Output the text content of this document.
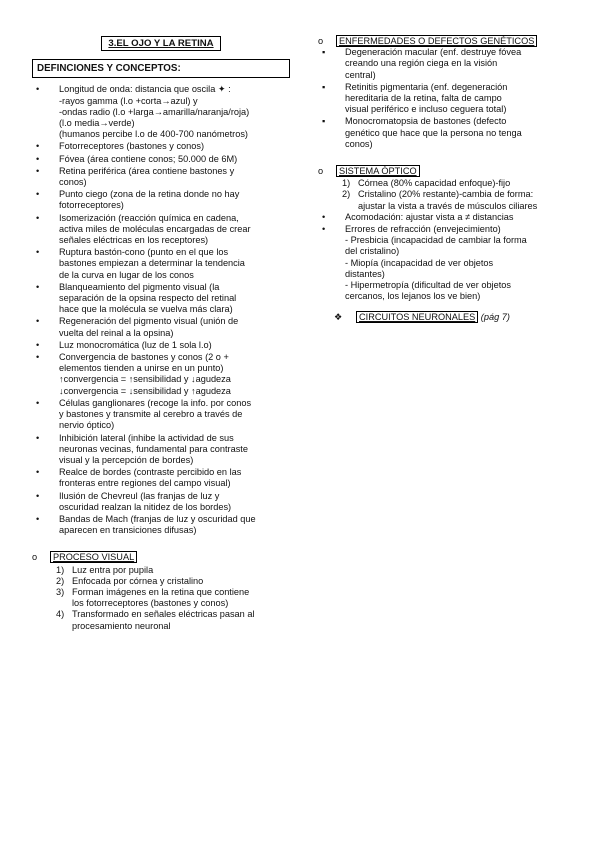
3.EL OJO Y LA RETINA
DEFINCIONES Y CONCEPTOS:
• Longitud de onda: distancia que oscila ✦ :
-rayos gamma (l.o +corta→azul) y
-ondas radio (l.o +larga→amarilla/naranja/roja)
(l.o media→verde)
(humanos percibe l.o de 400-700 nanómetros)
• Fotorreceptores (bastones y conos)
• Fóvea (área contiene conos; 50.000 de 6M)
• Retina periférica (área contiene bastones y
conos)
• Punto ciego (zona de la retina donde no hay
fotorreceptores)
• Isomerización (reacción química en cadena,
activa miles de moléculas encargadas de crear
señales eléctricas en los receptores)
• Ruptura bastón-cono (punto en el que los
bastones empiezan a determinar la tendencia
de la curva en lugar de los conos
• Blanqueamiento del pigmento visual (la
separación de la opsina respecto del retinal
hace que la molécula se vuelva más clara)
• Regeneración del pigmento visual (unión de
vuelta del reinal a la opsina)
• Luz monocromática (luz de 1 sola l.o)
• Convergencia de bastones y conos (2 o +
elementos tienden a unirse en un punto)
↑convergencia = ↑sensibilidad y ↓agudeza
↓convergencia = ↓sensibilidad y ↑agudeza
• Células ganglionares (recoge la info. por conos
y bastones y transmite al cerebro a través de
nervio óptico)
• Inhibición lateral (inhibe la actividad de sus
neuronas vecinas, fundamental para contraste
visual y la percepción de bordes)
• Realce de bordes (contraste percibido en las
fronteras entre regiones del campo visual)
• Ilusión de Chevreul (las franjas de luz y
oscuridad realzan la nitidez de los bordes)
• Bandas de Mach (franjas de luz y oscuridad que
aparecen en transiciones difusas)
o PROCESO VISUAL
1) Luz entra por pupila
2) Enfocada por córnea y cristalino
3) Forman imágenes en la retina que contiene
los fotorreceptores (bastones y conos)
4) Transformado en señales eléctricas pasan al
procesamiento neuronal
o ENFERMEDADES O DEFECTOS GENÉTICOS
▪ Degeneración macular (enf. destruye fóvea
creando una región ciega en la visión
central)
▪ Retinitis pigmentaria (enf. degeneración
hereditaria de la retina, falta de campo
visual periférico e incluso ceguera total)
▪ Monocromatopsia de bastones (defecto
genético que hace que la persona no tenga
conos)
o SISTEMA ÓPTICO
1) Córnea (80% capacidad enfoque)-fijo
2) Cristalino (20% restante)-cambia de forma:
ajustar la vista a través de músculos ciliares
• Acomodación: ajustar vista a ≠ distancias
• Errores de refracción (envejecimiento)
- Presbicia (incapacidad de cambiar la forma
del cristalino)
- Miopía (incapacidad de ver objetos
distantes)
- Hipermetropía (dificultad de ver objetos
cercanos, los lejanos los ve bien)
❖ CIRCUITOS NEURONALES (pág 7)
